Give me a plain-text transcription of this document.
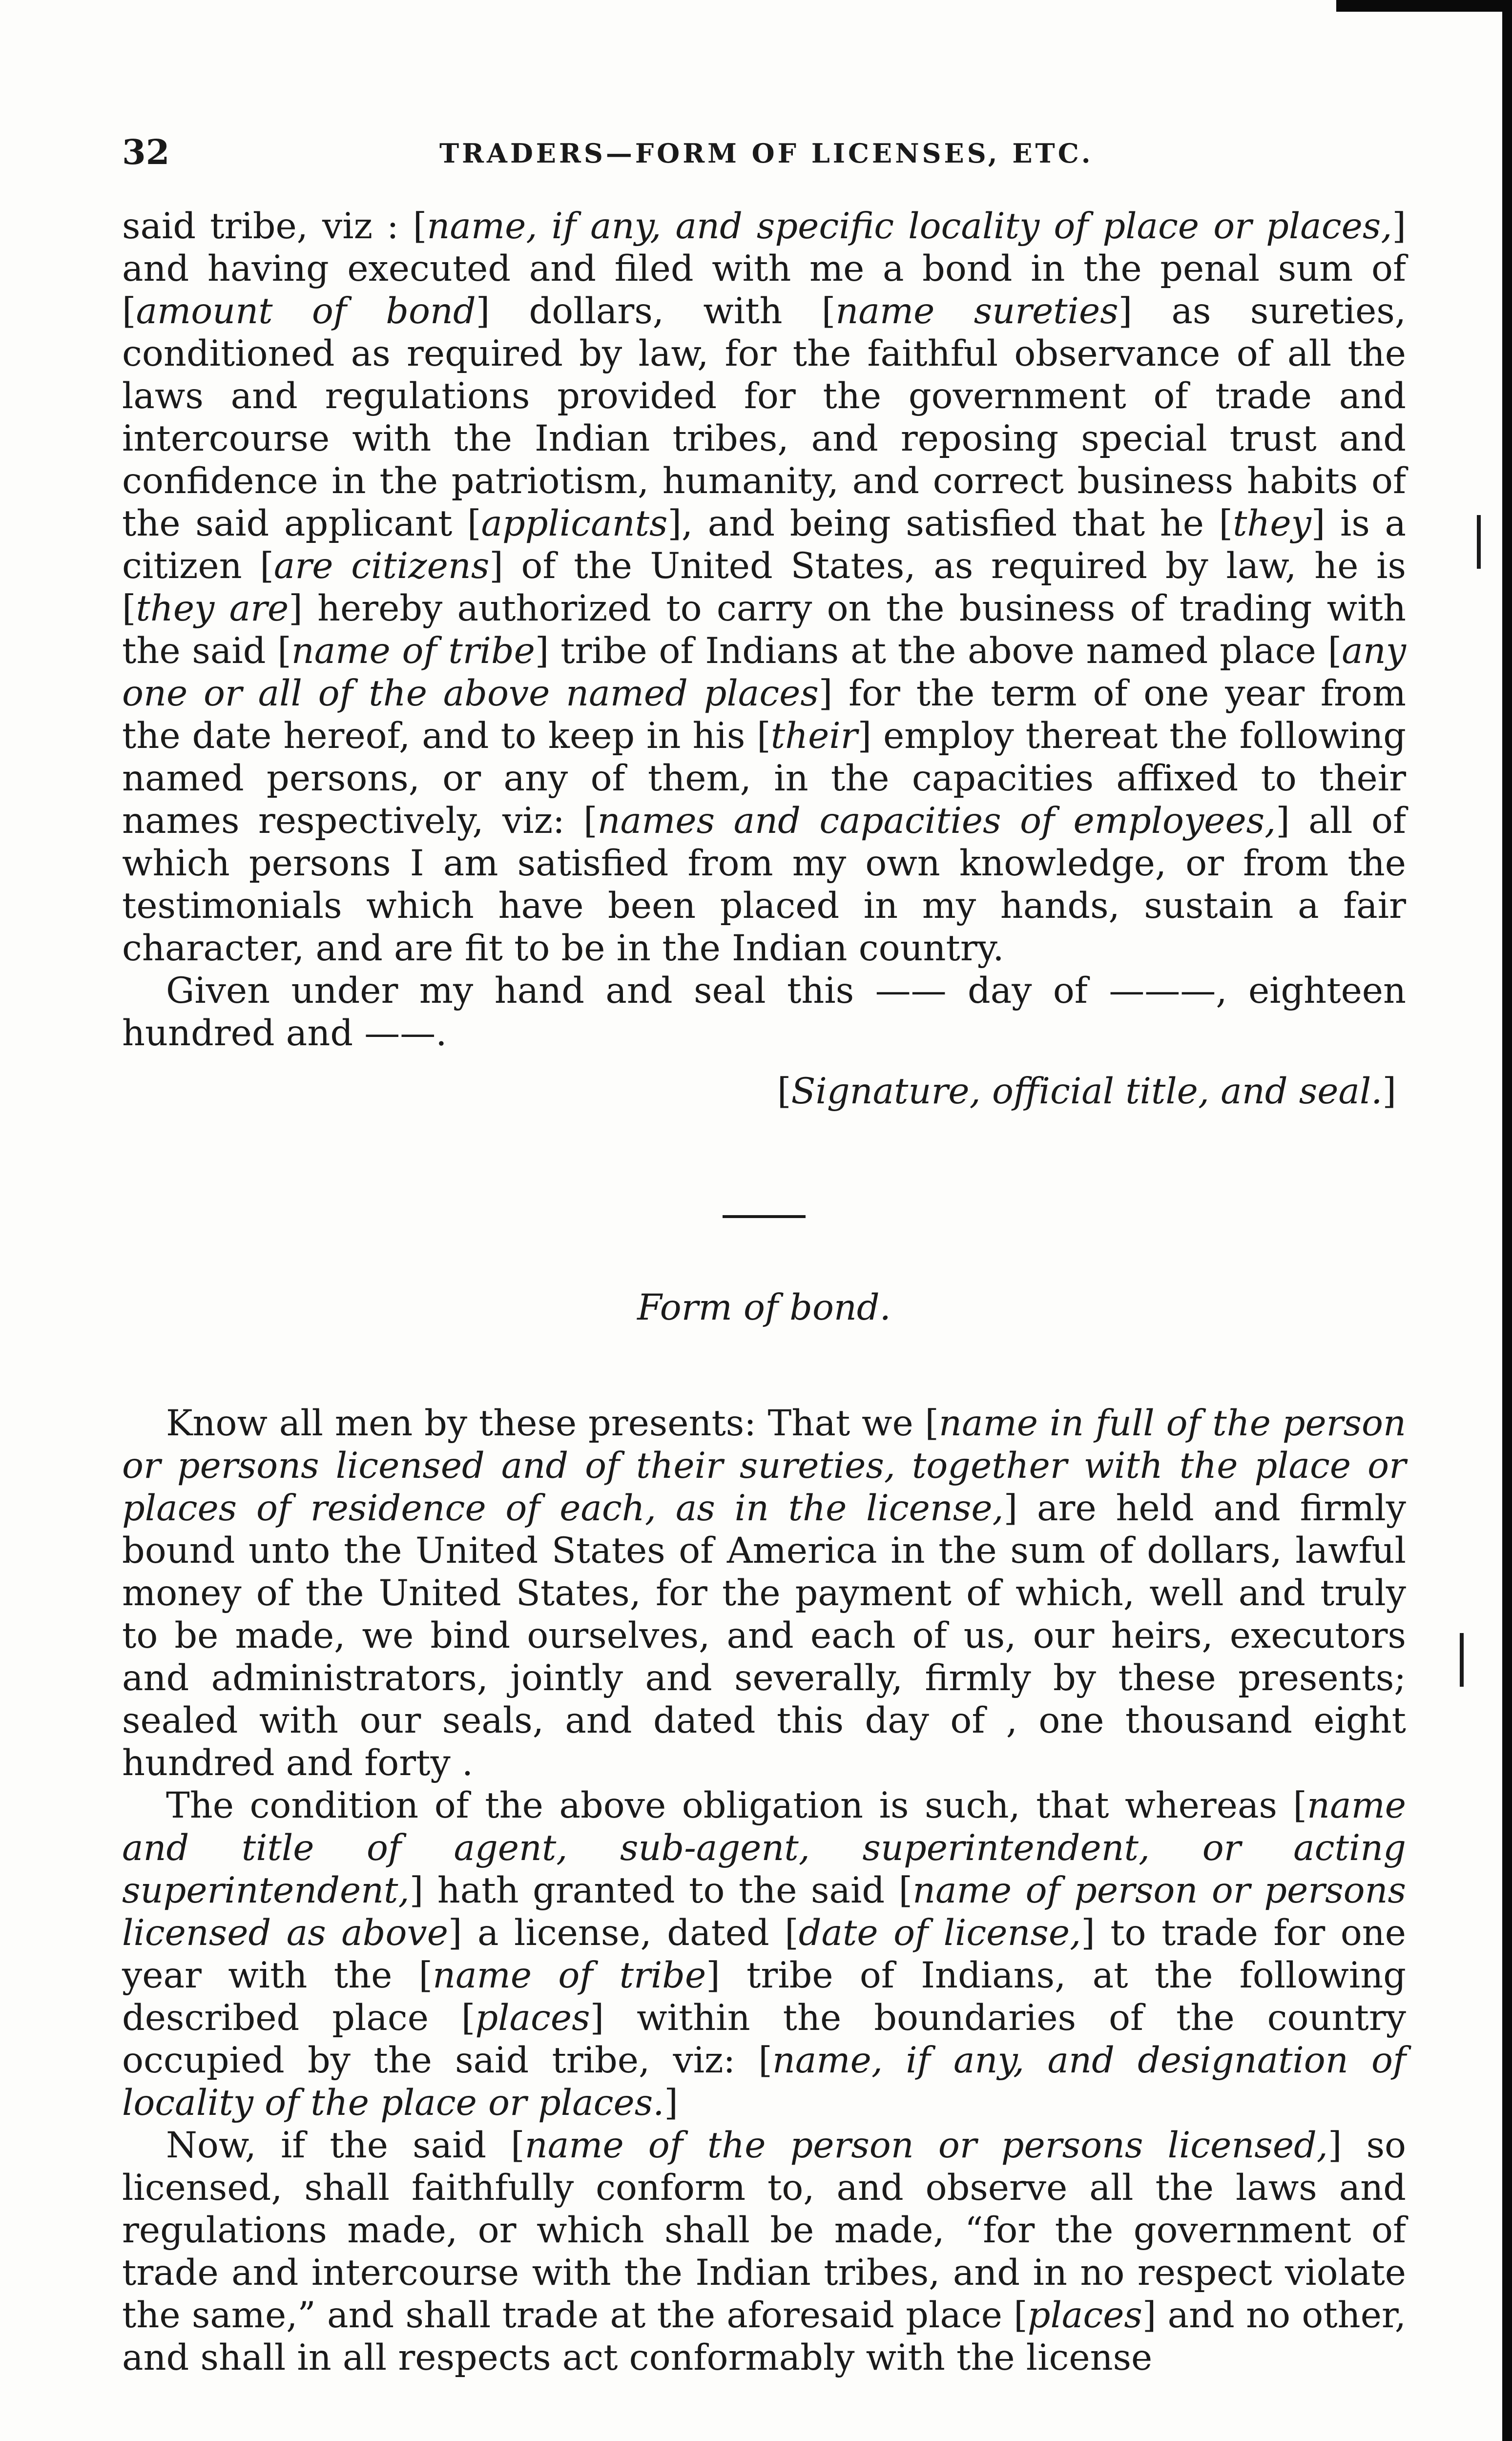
32	TRADERS—FORM OF LICENSES, ETC.

said tribe, viz : [name, if any, and specific locality of place or places,] and having executed and filed with me a bond in the penal sum of [amount of bond] dollars, with [name sureties] as sureties, conditioned as required by law, for the faithful observance of all the laws and regulations provided for the government of trade and intercourse with the Indian tribes, and reposing special trust and confidence in the patriotism, humanity, and correct business habits of the said applicant [applicants], and being satisfied that he [they] is a citizen [are citizens] of the United States, as required by law, he is [they are] hereby authorized to carry on the business of trading with the said [name of tribe] tribe of Indians at the above named place [any one or all of the above named places] for the term of one year from the date hereof, and to keep in his [their] employ thereat the following named persons, or any of them, in the capacities affixed to their names respectively, viz: [names and capacities of employees,] all of which persons I am satisfied from my own knowledge, or from the testimonials which have been placed in my hands, sustain a fair character, and are fit to be in the Indian country.

Given under my hand and seal this —— day of ———, eighteen hundred and ——.

[Signature, official title, and seal.]

Form of bond.

Know all men by these presents: That we [name in full of the person or persons licensed and of their sureties, together with the place or places of residence of each, as in the license,] are held and firmly bound unto the United States of America in the sum of dollars, lawful money of the United States, for the payment of which, well and truly to be made, we bind ourselves, and each of us, our heirs, executors and administrators, jointly and severally, firmly by these presents; sealed with our seals, and dated this day of , one thousand eight hundred and forty .

The condition of the above obligation is such, that whereas [name and title of agent, sub-agent, superintendent, or acting superintendent,] hath granted to the said [name of person or persons licensed as above] a license, dated [date of license,] to trade for one year with the [name of tribe] tribe of Indians, at the following described place [places] within the boundaries of the country occupied by the said tribe, viz: [name, if any, and designation of locality of the place or places.]

Now, if the said [name of the person or persons licensed,] so licensed, shall faithfully conform to, and observe all the laws and regulations made, or which shall be made, “for the government of trade and intercourse with the Indian tribes, and in no respect violate the same,” and shall trade at the aforesaid place [places] and no other, and shall in all respects act conformably with the license
